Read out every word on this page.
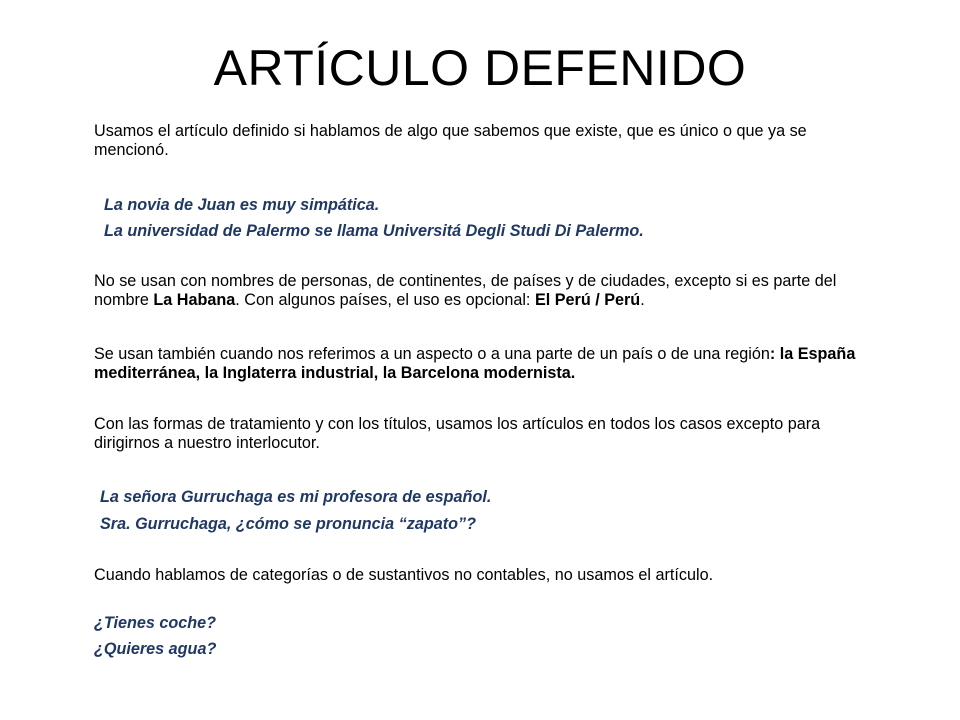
ARTÍCULO DEFENIDO

Usamos el artículo definido si hablamos de algo que sabemos que existe, que es único o que ya se mencionó.

La novia de Juan es muy simpática.

La universidad de Palermo se llama Universitá Degli Studi Di Palermo.

No se usan con nombres de personas, de continentes, de países y de ciudades, excepto si es parte del nombre La Habana. Con algunos países, el uso es opcional: El Perú / Perú.

Se usan también cuando nos referimos a un aspecto o a una parte de un país o de una región: la España mediterránea, la Inglaterra industrial, la Barcelona modernista.

Con las formas de tratamiento y con los títulos, usamos los artículos en todos los casos excepto para dirigirnos a nuestro interlocutor.

La señora Gurruchaga es mi profesora de español.

Sra. Gurruchaga, ¿cómo se pronuncia “zapato”?

Cuando hablamos de categorías o de sustantivos no contables, no usamos el artículo.

¿Tienes coche?

¿Quieres agua?
